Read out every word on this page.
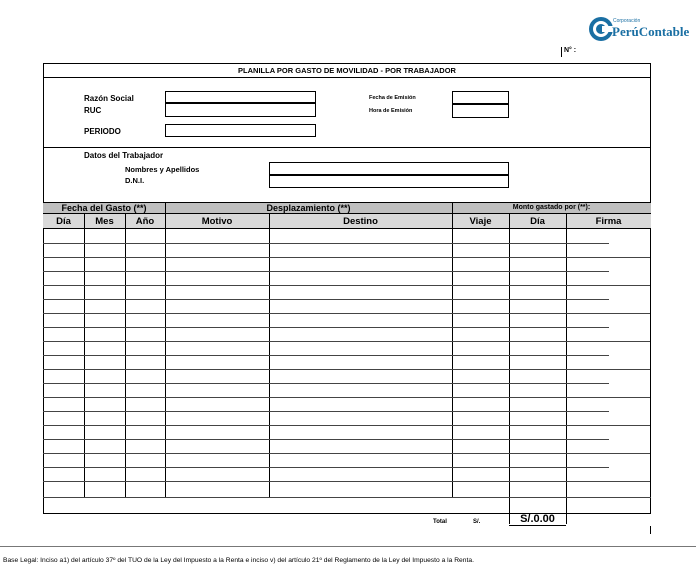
Corporación
PerúContable
N° :
PLANILLA POR GASTO DE MOVILIDAD - POR TRABAJADOR
Razón Social
RUC
PERIODO
Fecha de Emisión
Hora de Emisión
Datos del Trabajador
Nombres y Apellidos
D.N.I.
Fecha del Gasto (**)	Desplazamiento (**)	Monto gastado por (**):
Día	Mes	Año	Motivo	Destino	Viaje	Día	Firma
Total	S/.	S/.0.00
Base Legal: Inciso a1) del artículo 37º del TUO de la Ley del Impuesto a la Renta e inciso v) del artículo 21º del Reglamento de la Ley del Impuesto a la Renta.
